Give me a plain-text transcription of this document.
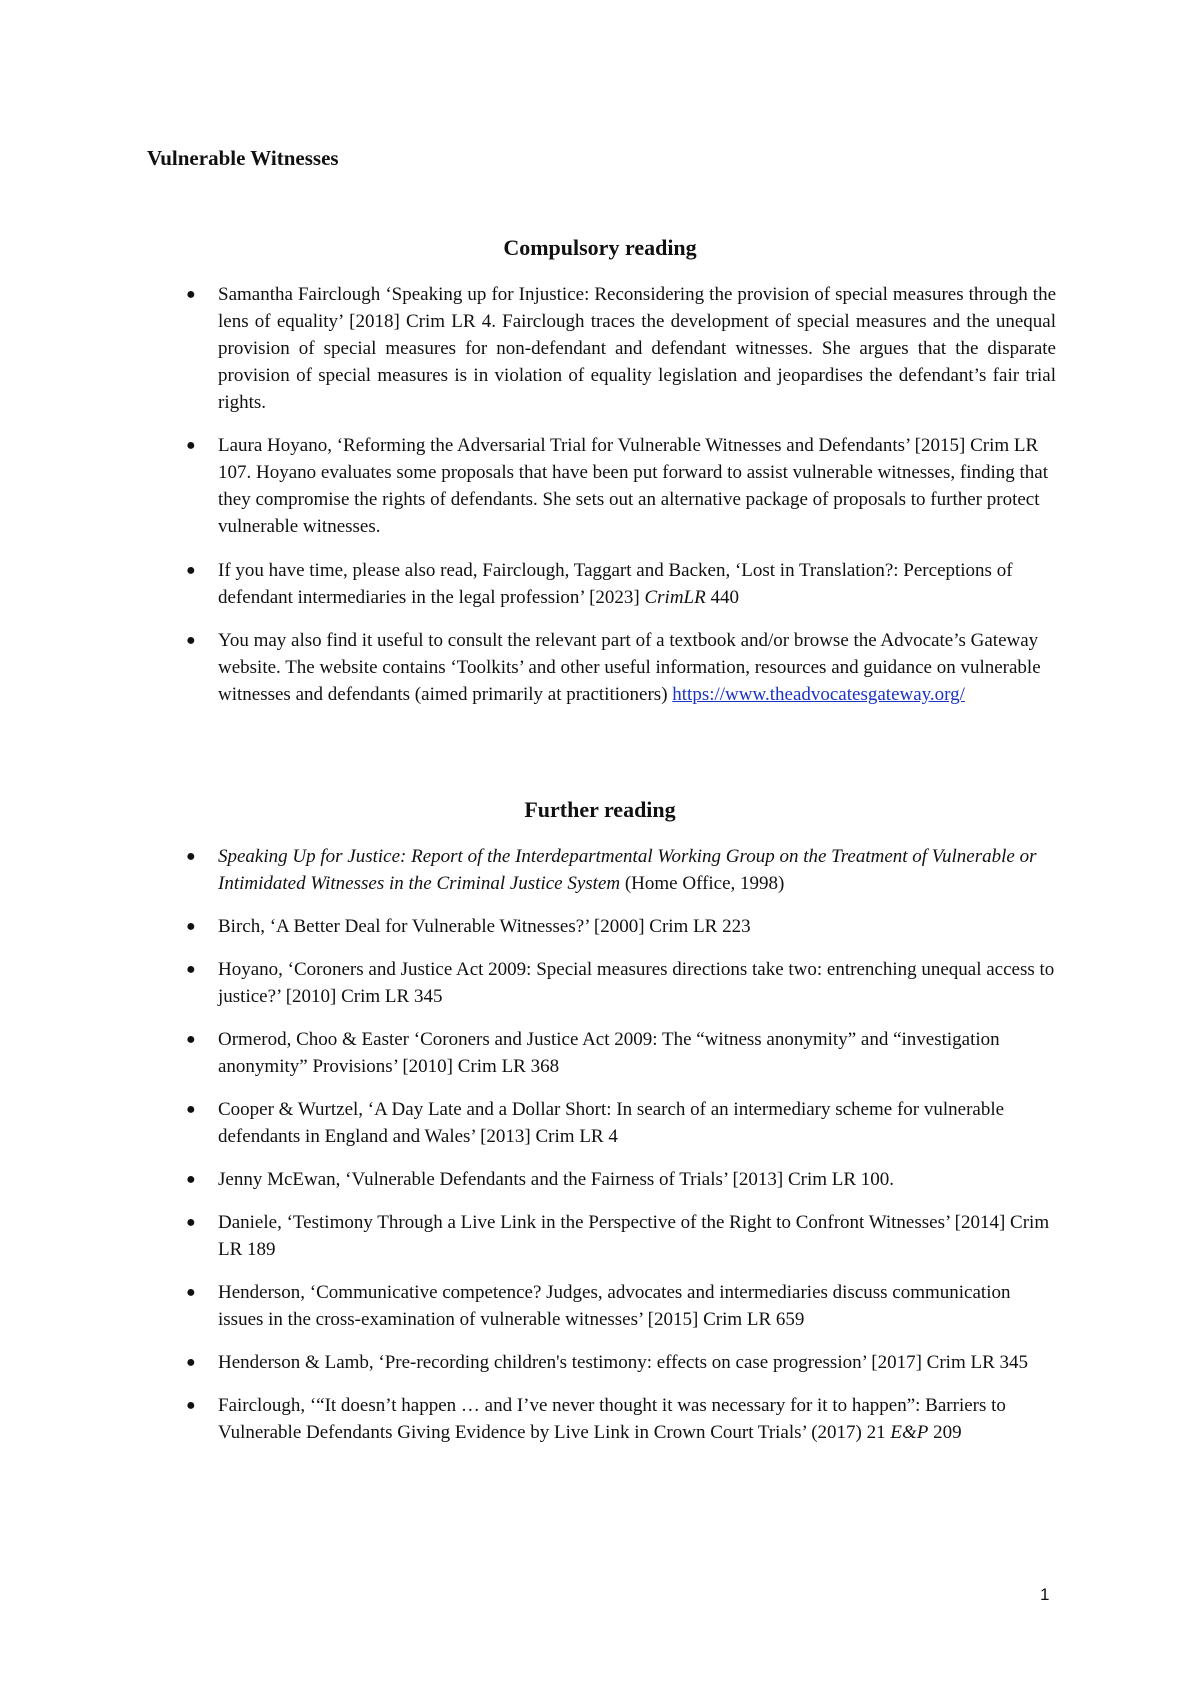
Vulnerable Witnesses
Compulsory reading
● Samantha Fairclough ‘Speaking up for Injustice: Reconsidering the provision of special measures through the lens of equality’ [2018] Crim LR 4. Fairclough traces the development of special measures and the unequal provision of special measures for non-defendant and defendant witnesses. She argues that the disparate provision of special measures is in violation of equality legislation and jeopardises the defendant’s fair trial rights.
● Laura Hoyano, ‘Reforming the Adversarial Trial for Vulnerable Witnesses and Defendants’ [2015] Crim LR 107. Hoyano evaluates some proposals that have been put forward to assist vulnerable witnesses, finding that they compromise the rights of defendants. She sets out an alternative package of proposals to further protect vulnerable witnesses.
● If you have time, please also read, Fairclough, Taggart and Backen, ‘Lost in Translation?: Perceptions of defendant intermediaries in the legal profession’ [2023] CrimLR 440
● You may also find it useful to consult the relevant part of a textbook and/or browse the Advocate’s Gateway website. The website contains ‘Toolkits’ and other useful information, resources and guidance on vulnerable witnesses and defendants (aimed primarily at practitioners) https://www.theadvocatesgateway.org/
Further reading
● Speaking Up for Justice: Report of the Interdepartmental Working Group on the Treatment of Vulnerable or Intimidated Witnesses in the Criminal Justice System (Home Office, 1998)
● Birch, ‘A Better Deal for Vulnerable Witnesses?’ [2000] Crim LR 223
● Hoyano, ‘Coroners and Justice Act 2009: Special measures directions take two: entrenching unequal access to justice?’ [2010] Crim LR 345
● Ormerod, Choo & Easter ‘Coroners and Justice Act 2009: The “witness anonymity” and “investigation anonymity” Provisions’ [2010] Crim LR 368
● Cooper & Wurtzel, ‘A Day Late and a Dollar Short: In search of an intermediary scheme for vulnerable defendants in England and Wales’ [2013] Crim LR 4
● Jenny McEwan, ‘Vulnerable Defendants and the Fairness of Trials’ [2013] Crim LR 100.
● Daniele, ‘Testimony Through a Live Link in the Perspective of the Right to Confront Witnesses’ [2014] Crim LR 189
● Henderson, ‘Communicative competence? Judges, advocates and intermediaries discuss communication issues in the cross-examination of vulnerable witnesses’ [2015] Crim LR 659
● Henderson & Lamb, ‘Pre-recording children's testimony: effects on case progression’ [2017] Crim LR 345
● Fairclough, ‘“It doesn’t happen … and I’ve never thought it was necessary for it to happen”: Barriers to Vulnerable Defendants Giving Evidence by Live Link in Crown Court Trials’ (2017) 21 E&P 209

1
